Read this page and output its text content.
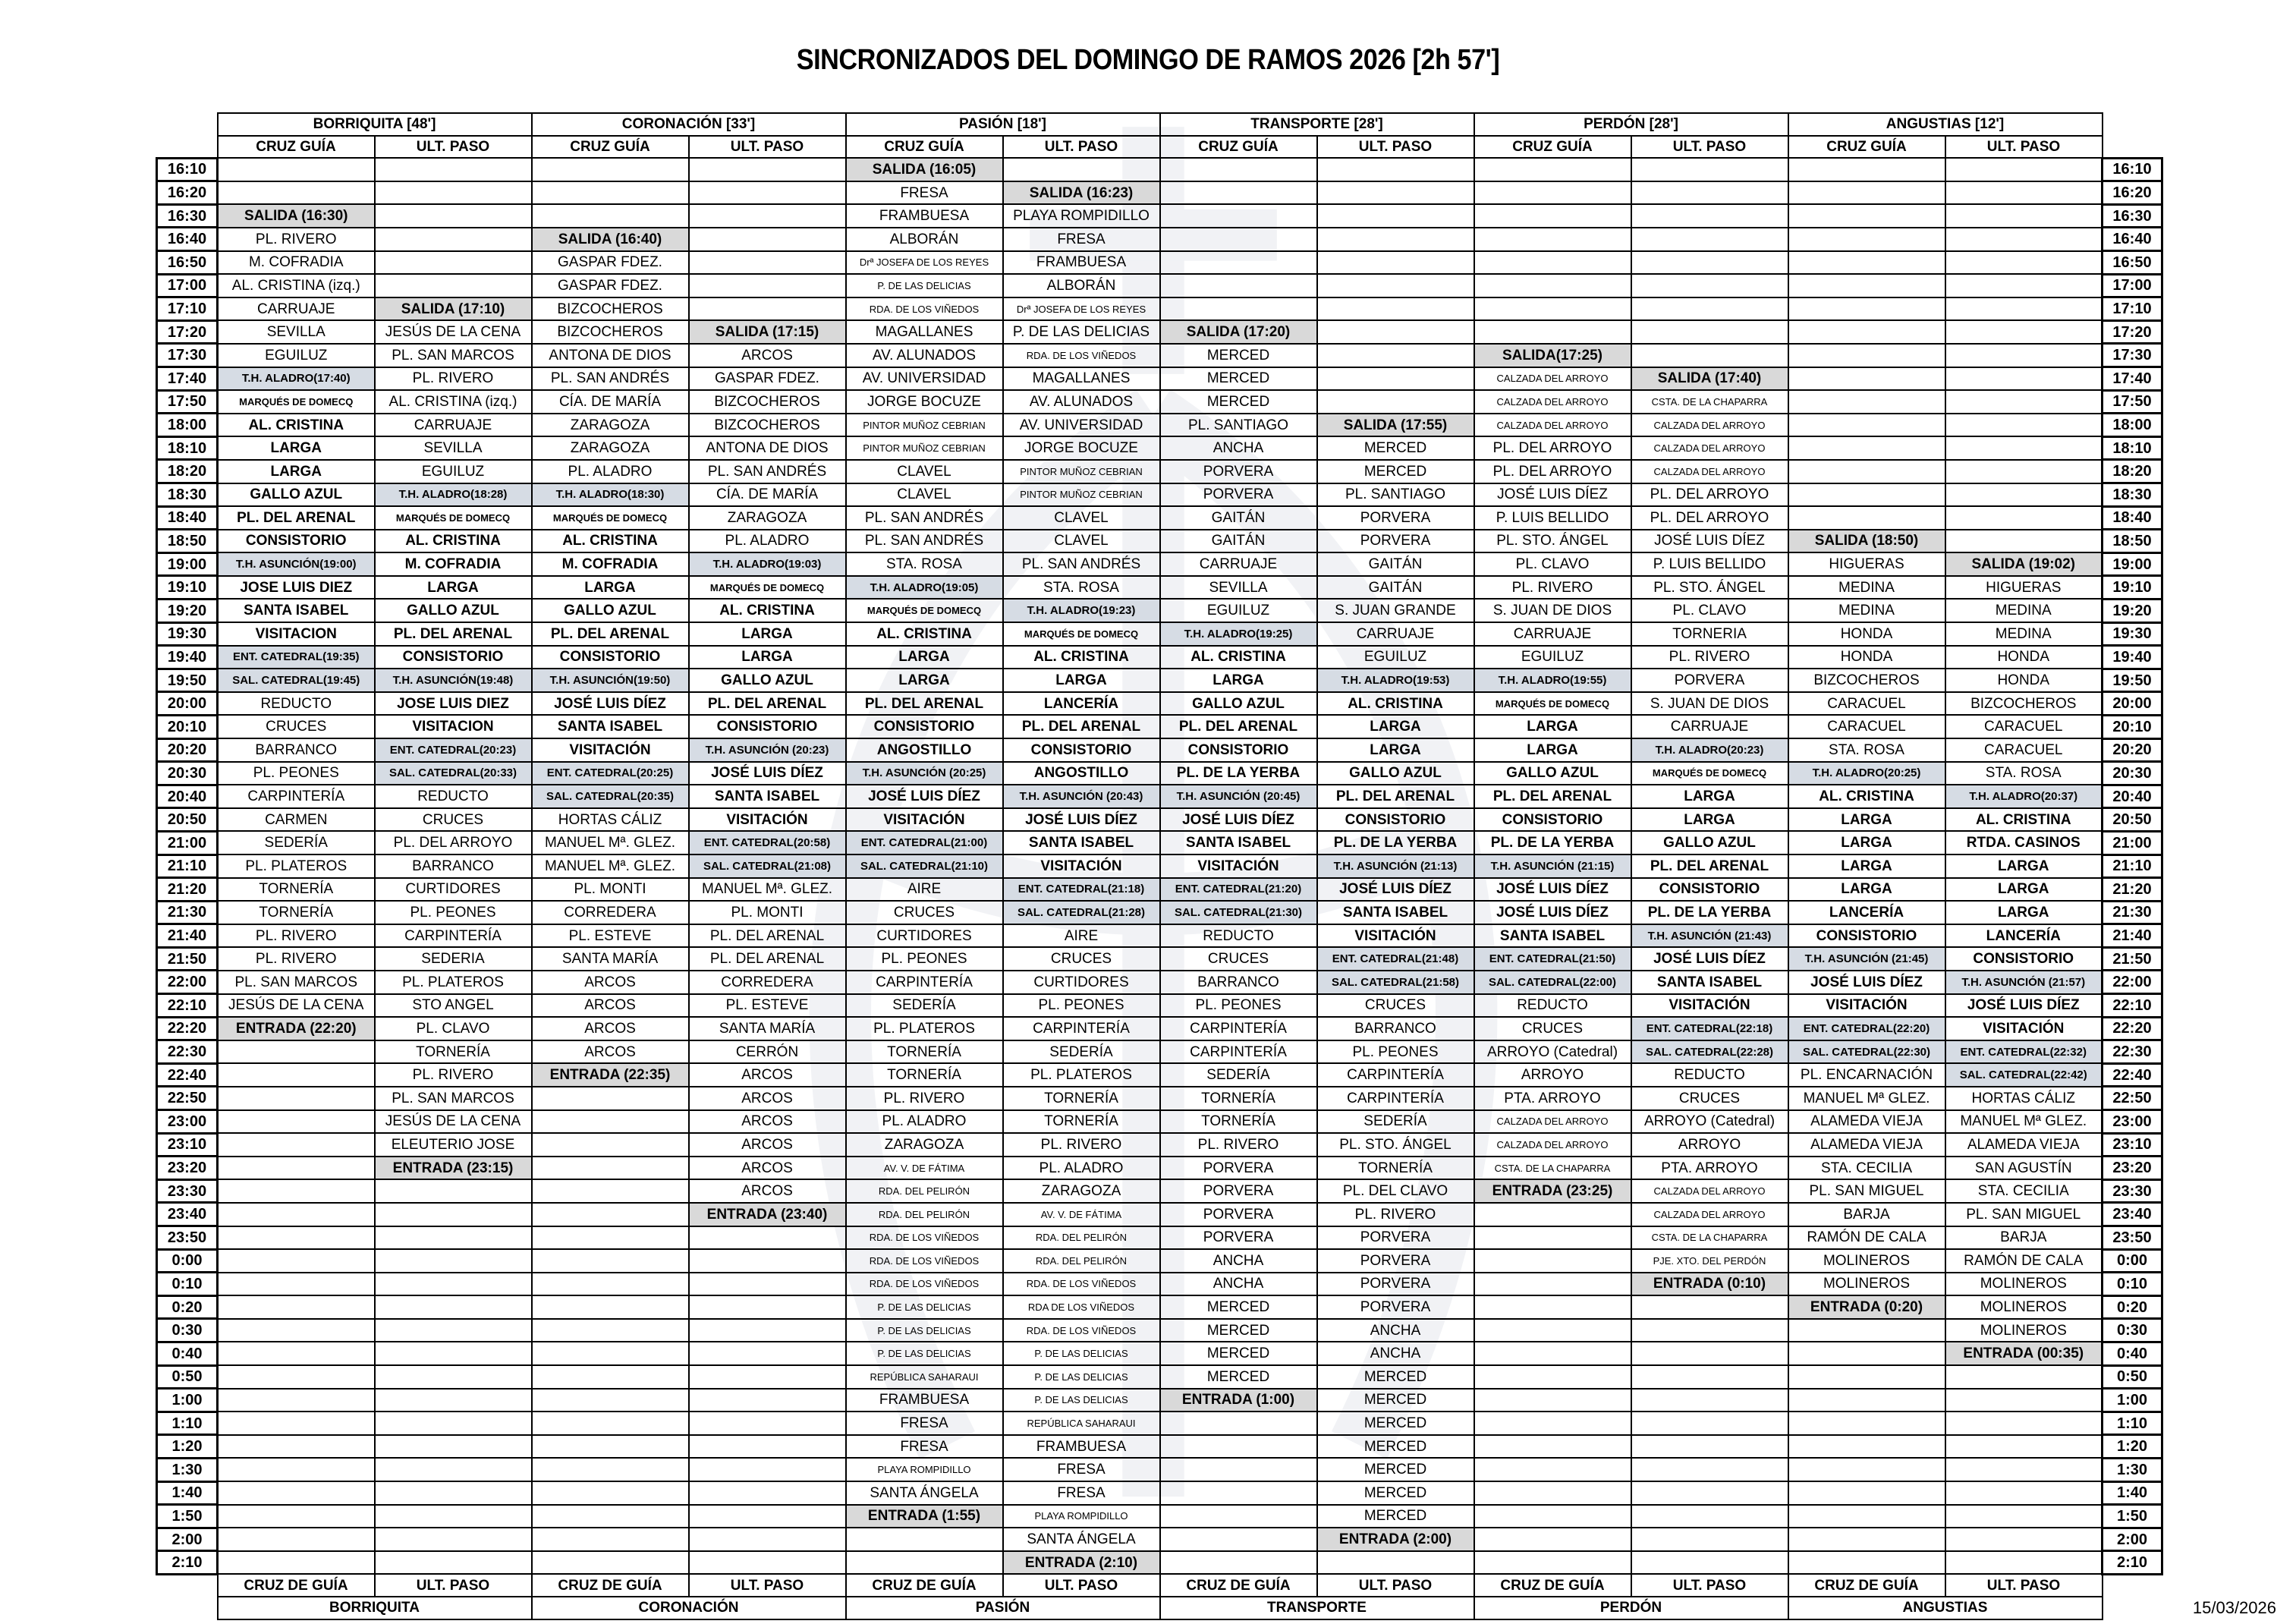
SINCRONIZADOS DEL DOMINGO DE RAMOS 2026 [2h 57']
	BORRIQUITA [48']		CORONACIÓN [33']		PASIÓN [18']		TRANSPORTE [28']		PERDÓN [28']		ANGUSTIAS [12']		
	CRUZ GUÍA	ULT. PASO	CRUZ GUÍA	ULT. PASO	CRUZ GUÍA	ULT. PASO	CRUZ GUÍA	ULT. PASO	CRUZ GUÍA	ULT. PASO	CRUZ GUÍA	ULT. PASO	
16:10					SALIDA (16:05)								16:10
16:20					FRESA	SALIDA (16:23)							16:20
16:30	SALIDA (16:30)				FRAMBUESA	PLAYA ROMPIDILLO							16:30
16:40	PL. RIVERO		SALIDA (16:40)		ALBORÁN	FRESA							16:40
16:50	M. COFRADIA		GASPAR FDEZ.		Drª JOSEFA DE LOS REYES	FRAMBUESA							16:50
17:00	AL. CRISTINA (izq.)		GASPAR FDEZ.		P. DE LAS DELICIAS	ALBORÁN							17:00
17:10	CARRUAJE	SALIDA (17:10)	BIZCOCHEROS		RDA. DE LOS VIÑEDOS	Drª JOSEFA DE LOS REYES							17:10
17:20	SEVILLA	JESÚS DE LA CENA	BIZCOCHEROS	SALIDA (17:15)	MAGALLANES	P. DE LAS DELICIAS	SALIDA (17:20)						17:20
17:30	EGUILUZ	PL. SAN MARCOS	ANTONA DE DIOS	ARCOS	AV. ALUNADOS	RDA. DE LOS VIÑEDOS	MERCED		SALIDA(17:25)				17:30
17:40	T.H. ALADRO(17:40)	PL. RIVERO	PL. SAN ANDRÉS	GASPAR FDEZ.	AV. UNIVERSIDAD	MAGALLANES	MERCED		CALZADA DEL ARROYO	SALIDA (17:40)			17:40
17:50	MARQUÉS DE DOMECQ	AL. CRISTINA (izq.)	CÍA. DE MARÍA	BIZCOCHEROS	JORGE BOCUZE	AV. ALUNADOS	MERCED		CALZADA DEL ARROYO	CSTA. DE LA CHAPARRA			17:50
18:00	AL. CRISTINA	CARRUAJE	ZARAGOZA	BIZCOCHEROS	PINTOR MUÑOZ CEBRIAN	AV. UNIVERSIDAD	PL. SANTIAGO	SALIDA (17:55)	CALZADA DEL ARROYO	CALZADA DEL ARROYO			18:00
18:10	LARGA	SEVILLA	ZARAGOZA	ANTONA DE DIOS	PINTOR MUÑOZ CEBRIAN	JORGE BOCUZE	ANCHA	MERCED	PL. DEL ARROYO	CALZADA DEL ARROYO			18:10
18:20	LARGA	EGUILUZ	PL. ALADRO	PL. SAN ANDRÉS	CLAVEL	PINTOR MUÑOZ CEBRIAN	PORVERA	MERCED	PL. DEL ARROYO	CALZADA DEL ARROYO			18:20
18:30	GALLO AZUL	T.H. ALADRO(18:28)	T.H. ALADRO(18:30)	CÍA. DE MARÍA	CLAVEL	PINTOR MUÑOZ CEBRIAN	PORVERA	PL. SANTIAGO	JOSÉ LUIS DÍEZ	PL. DEL ARROYO			18:30
18:40	PL. DEL ARENAL	MARQUÉS DE DOMECQ	MARQUÉS DE DOMECQ	ZARAGOZA	PL. SAN ANDRÉS	CLAVEL	GAITÁN	PORVERA	P. LUIS BELLIDO	PL. DEL ARROYO			18:40
18:50	CONSISTORIO	AL. CRISTINA	AL. CRISTINA	PL. ALADRO	PL. SAN ANDRÉS	CLAVEL	GAITÁN	PORVERA	PL. STO. ÁNGEL	JOSÉ LUIS DÍEZ	SALIDA (18:50)		18:50
19:00	T.H. ASUNCIÓN(19:00)	M. COFRADIA	M. COFRADIA	T.H. ALADRO(19:03)	STA. ROSA	PL. SAN ANDRÉS	CARRUAJE	GAITÁN	PL. CLAVO	P. LUIS BELLIDO	HIGUERAS	SALIDA (19:02)	19:00
19:10	JOSE LUIS DIEZ	LARGA	LARGA	MARQUÉS DE DOMECQ	T.H. ALADRO(19:05)	STA. ROSA	SEVILLA	GAITÁN	PL. RIVERO	PL. STO. ÁNGEL	MEDINA	HIGUERAS	19:10
19:20	SANTA ISABEL	GALLO AZUL	GALLO AZUL	AL. CRISTINA	MARQUÉS DE DOMECQ	T.H. ALADRO(19:23)	EGUILUZ	S. JUAN GRANDE	S. JUAN DE DIOS	PL. CLAVO	MEDINA	MEDINA	19:20
19:30	VISITACION	PL. DEL ARENAL	PL. DEL ARENAL	LARGA	AL. CRISTINA	MARQUÉS DE DOMECQ	T.H. ALADRO(19:25)	CARRUAJE	CARRUAJE	TORNERIA	HONDA	MEDINA	19:30
19:40	ENT. CATEDRAL(19:35)	CONSISTORIO	CONSISTORIO	LARGA	LARGA	AL. CRISTINA	AL. CRISTINA	EGUILUZ	EGUILUZ	PL. RIVERO	HONDA	HONDA	19:40
19:50	SAL. CATEDRAL(19:45)	T.H. ASUNCIÓN(19:48)	T.H. ASUNCIÓN(19:50)	GALLO AZUL	LARGA	LARGA	LARGA	T.H. ALADRO(19:53)	T.H. ALADRO(19:55)	PORVERA	BIZCOCHEROS	HONDA	19:50
20:00	REDUCTO	JOSE LUIS DIEZ	JOSÉ LUIS DÍEZ	PL. DEL ARENAL	PL. DEL ARENAL	LANCERÍA	GALLO AZUL	AL. CRISTINA	MARQUÉS DE DOMECQ	S. JUAN DE DIOS	CARACUEL	BIZCOCHEROS	20:00
20:10	CRUCES	VISITACION	SANTA ISABEL	CONSISTORIO	CONSISTORIO	PL. DEL ARENAL	PL. DEL ARENAL	LARGA	LARGA	CARRUAJE	CARACUEL	CARACUEL	20:10
20:20	BARRANCO	ENT. CATEDRAL(20:23)	VISITACIÓN	T.H. ASUNCIÓN (20:23)	ANGOSTILLO	CONSISTORIO	CONSISTORIO	LARGA	LARGA	T.H. ALADRO(20:23)	STA. ROSA	CARACUEL	20:20
20:30	PL. PEONES	SAL. CATEDRAL(20:33)	ENT. CATEDRAL(20:25)	JOSÉ LUIS DÍEZ	T.H. ASUNCIÓN (20:25)	ANGOSTILLO	PL. DE LA YERBA	GALLO AZUL	GALLO AZUL	MARQUÉS DE DOMECQ	T.H. ALADRO(20:25)	STA. ROSA	20:30
20:40	CARPINTERÍA	REDUCTO	SAL. CATEDRAL(20:35)	SANTA ISABEL	JOSÉ LUIS DÍEZ	T.H. ASUNCIÓN (20:43)	T.H. ASUNCIÓN (20:45)	PL. DEL ARENAL	PL. DEL ARENAL	LARGA	AL. CRISTINA	T.H. ALADRO(20:37)	20:40
20:50	CARMEN	CRUCES	HORTAS CÁLIZ	VISITACIÓN	VISITACIÓN	JOSÉ LUIS DÍEZ	JOSÉ LUIS DÍEZ	CONSISTORIO	CONSISTORIO	LARGA	LARGA	AL. CRISTINA	20:50
21:00	SEDERÍA	PL. DEL ARROYO	MANUEL Mª. GLEZ.	ENT. CATEDRAL(20:58)	ENT. CATEDRAL(21:00)	SANTA ISABEL	SANTA ISABEL	PL. DE LA YERBA	PL. DE LA YERBA	GALLO AZUL	LARGA	RTDA. CASINOS	21:00
21:10	PL. PLATEROS	BARRANCO	MANUEL Mª. GLEZ.	SAL. CATEDRAL(21:08)	SAL. CATEDRAL(21:10)	VISITACIÓN	VISITACIÓN	T.H. ASUNCIÓN (21:13)	T.H. ASUNCIÓN (21:15)	PL. DEL ARENAL	LARGA	LARGA	21:10
21:20	TORNERÍA	CURTIDORES	PL. MONTI	MANUEL Mª. GLEZ.	AIRE	ENT. CATEDRAL(21:18)	ENT. CATEDRAL(21:20)	JOSÉ LUIS DÍEZ	JOSÉ LUIS DÍEZ	CONSISTORIO	LARGA	LARGA	21:20
21:30	TORNERÍA	PL. PEONES	CORREDERA	PL. MONTI	CRUCES	SAL. CATEDRAL(21:28)	SAL. CATEDRAL(21:30)	SANTA ISABEL	JOSÉ LUIS DÍEZ	PL. DE LA YERBA	LANCERÍA	LARGA	21:30
21:40	PL. RIVERO	CARPINTERÍA	PL. ESTEVE	PL. DEL ARENAL	CURTIDORES	AIRE	REDUCTO	VISITACIÓN	SANTA ISABEL	T.H. ASUNCIÓN (21:43)	CONSISTORIO	LANCERÍA	21:40
21:50	PL. RIVERO	SEDERIA	SANTA MARÍA	PL. DEL ARENAL	PL. PEONES	CRUCES	CRUCES	ENT. CATEDRAL(21:48)	ENT. CATEDRAL(21:50)	JOSÉ LUIS DÍEZ	T.H. ASUNCIÓN (21:45)	CONSISTORIO	21:50
22:00	PL. SAN MARCOS	PL. PLATEROS	ARCOS	CORREDERA	CARPINTERÍA	CURTIDORES	BARRANCO	SAL. CATEDRAL(21:58)	SAL. CATEDRAL(22:00)	SANTA ISABEL	JOSÉ LUIS DÍEZ	T.H. ASUNCIÓN (21:57)	22:00
22:10	JESÚS DE LA CENA	STO ANGEL	ARCOS	PL. ESTEVE	SEDERÍA	PL. PEONES	PL. PEONES	CRUCES	REDUCTO	VISITACIÓN	VISITACIÓN	JOSÉ LUIS DÍEZ	22:10
22:20	ENTRADA (22:20)	PL. CLAVO	ARCOS	SANTA MARÍA	PL. PLATEROS	CARPINTERÍA	CARPINTERÍA	BARRANCO	CRUCES	ENT. CATEDRAL(22:18)	ENT. CATEDRAL(22:20)	VISITACIÓN	22:20
22:30		TORNERÍA	ARCOS	CERRÓN	TORNERÍA	SEDERÍA	CARPINTERÍA	PL. PEONES	ARROYO (Catedral)	SAL. CATEDRAL(22:28)	SAL. CATEDRAL(22:30)	ENT. CATEDRAL(22:32)	22:30
22:40		PL. RIVERO	ENTRADA (22:35)	ARCOS	TORNERÍA	PL. PLATEROS	SEDERÍA	CARPINTERÍA	ARROYO	REDUCTO	PL. ENCARNACIÓN	SAL. CATEDRAL(22:42)	22:40
22:50		PL. SAN MARCOS		ARCOS	PL. RIVERO	TORNERÍA	TORNERÍA	CARPINTERÍA	PTA. ARROYO	CRUCES	MANUEL Mª GLEZ.	HORTAS CÁLIZ	22:50
23:00		JESÚS DE LA CENA		ARCOS	PL. ALADRO	TORNERÍA	TORNERÍA	SEDERÍA	CALZADA DEL ARROYO	ARROYO (Catedral)	ALAMEDA VIEJA	MANUEL Mª GLEZ.	23:00
23:10		ELEUTERIO JOSE		ARCOS	ZARAGOZA	PL. RIVERO	PL. RIVERO	PL. STO. ÁNGEL	CALZADA DEL ARROYO	ARROYO	ALAMEDA VIEJA	ALAMEDA VIEJA	23:10
23:20		ENTRADA (23:15)		ARCOS	AV. V. DE FÁTIMA	PL. ALADRO	PORVERA	TORNERÍA	CSTA. DE LA CHAPARRA	PTA. ARROYO	STA. CECILIA	SAN AGUSTÍN	23:20
23:30				ARCOS	RDA. DEL PELIRÓN	ZARAGOZA	PORVERA	PL. DEL CLAVO	ENTRADA (23:25)	CALZADA DEL ARROYO	PL. SAN MIGUEL	STA. CECILIA	23:30
23:40				ENTRADA (23:40)	RDA. DEL PELIRÓN	AV. V. DE FÁTIMA	PORVERA	PL. RIVERO		CALZADA DEL ARROYO	BARJA	PL. SAN MIGUEL	23:40
23:50					RDA. DE LOS VIÑEDOS	RDA. DEL PELIRÓN	PORVERA	PORVERA		CSTA. DE LA CHAPARRA	RAMÓN DE CALA	BARJA	23:50
0:00					RDA. DE LOS VIÑEDOS	RDA. DEL PELIRÓN	ANCHA	PORVERA		PJE. XTO. DEL PERDÓN	MOLINEROS	RAMÓN DE CALA	0:00
0:10					RDA. DE LOS VIÑEDOS	RDA. DE LOS VIÑEDOS	ANCHA	PORVERA		ENTRADA (0:10)	MOLINEROS	MOLINEROS	0:10
0:20					P. DE LAS DELICIAS	RDA DE LOS VIÑEDOS	MERCED	PORVERA			ENTRADA (0:20)	MOLINEROS	0:20
0:30					P. DE LAS DELICIAS	RDA. DE LOS VIÑEDOS	MERCED	ANCHA				MOLINEROS	0:30
0:40					P. DE LAS DELICIAS	P. DE LAS DELICIAS	MERCED	ANCHA				ENTRADA (00:35)	0:40
0:50					REPÚBLICA SAHARAUI	P. DE LAS DELICIAS	MERCED	MERCED					0:50
1:00					FRAMBUESA	P. DE LAS DELICIAS	ENTRADA (1:00)	MERCED					1:00
1:10					FRESA	REPÚBLICA SAHARAUI		MERCED					1:10
1:20					FRESA	FRAMBUESA		MERCED					1:20
1:30					PLAYA ROMPIDILLO	FRESA		MERCED					1:30
1:40					SANTA ÁNGELA	FRESA		MERCED					1:40
1:50					ENTRADA (1:55)	PLAYA ROMPIDILLO		MERCED					1:50
2:00						SANTA ÁNGELA		ENTRADA (2:00)					2:00
2:10						ENTRADA (2:10)							2:10
	CRUZ DE GUÍA	ULT. PASO	CRUZ DE GUÍA	ULT. PASO	CRUZ DE GUÍA	ULT. PASO	CRUZ DE GUÍA	ULT. PASO	CRUZ DE GUÍA	ULT. PASO	CRUZ DE GUÍA	ULT. PASO	
	BORRIQUITA		CORONACIÓN		PASIÓN		TRANSPORTE		PERDÓN		ANGUSTIAS			15/03/2026
